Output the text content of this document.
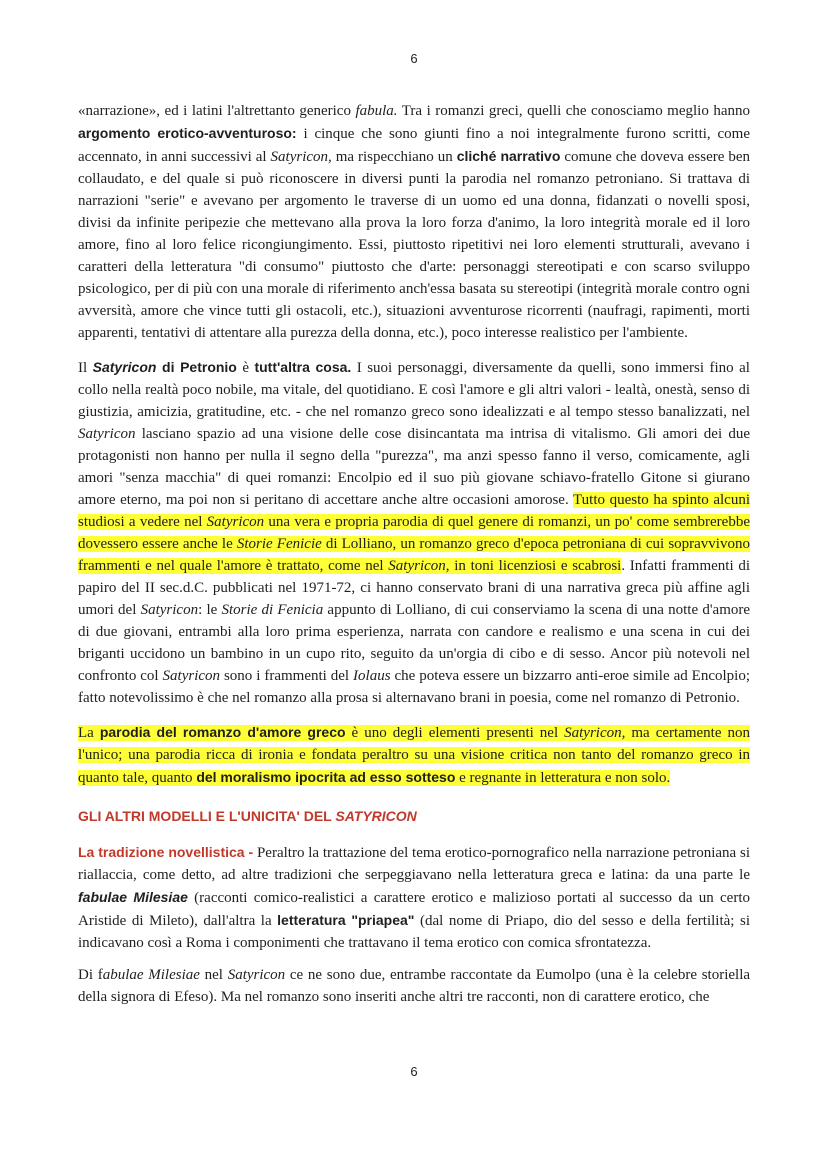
6

«narrazione», ed i latini l'altrettanto generico fabula. Tra i romanzi greci, quelli che conosciamo meglio hanno argomento erotico-avventuroso: i cinque che sono giunti fino a noi integralmente furono scritti, come accennato, in anni successivi al Satyricon, ma rispecchiano un cliché narrativo comune che doveva essere ben collaudato, e del quale si può riconoscere in diversi punti la parodia nel romanzo petroniano. Si trattava di narrazioni "serie" e avevano per argomento le traverse di un uomo ed una donna, fidanzati o novelli sposi, divisi da infinite peripezie che mettevano alla prova la loro forza d'animo, la loro integrità morale ed il loro amore, fino al loro felice ricongiungimento. Essi, piuttosto ripetitivi nei loro elementi strutturali, avevano i caratteri della letteratura "di consumo" piuttosto che d'arte: personaggi stereotipati e con scarso sviluppo psicologico, per di più con una morale di riferimento anch'essa basata su stereotipi (integrità morale contro ogni avversità, amore che vince tutti gli ostacoli, etc.), situazioni avventurose ricorrenti (naufragi, rapimenti, morti apparenti, tentativi di attentare alla purezza della donna, etc.), poco interesse realistico per l'ambiente.

Il Satyricon di Petronio è tutt'altra cosa. I suoi personaggi, diversamente da quelli, sono immersi fino al collo nella realtà poco nobile, ma vitale, del quotidiano. E così l'amore e gli altri valori - lealtà, onestà, senso di giustizia, amicizia, gratitudine, etc. - che nel romanzo greco sono idealizzati e al tempo stesso banalizzati, nel Satyricon lasciano spazio ad una visione delle cose disincantata ma intrisa di vitalismo. Gli amori dei due protagonisti non hanno per nulla il segno della "purezza", ma anzi spesso fanno il verso, comicamente, agli amori "senza macchia" di quei romanzi: Encolpio ed il suo più giovane schiavo-fratello Gitone si giurano amore eterno, ma poi non si peritano di accettare anche altre occasioni amorose. Tutto questo ha spinto alcuni studiosi a vedere nel Satyricon una vera e propria parodia di quel genere di romanzi, un po' come sembrerebbe dovessero essere anche le Storie Fenicie di Lolliano, un romanzo greco d'epoca petroniana di cui sopravvivono frammenti e nel quale l'amore è trattato, come nel Satyricon, in toni licenziosi e scabrosi. Infatti frammenti di papiro del II sec.d.C. pubblicati nel 1971-72, ci hanno conservato brani di una narrativa greca più affine agli umori del Satyricon: le Storie di Fenicia appunto di Lolliano, di cui conserviamo la scena di una notte d'amore di due giovani, entrambi alla loro prima esperienza, narrata con candore e realismo e una scena in cui dei briganti uccidono un bambino in un cupo rito, seguito da un'orgia di cibo e di sesso. Ancor più notevoli nel confronto col Satyricon sono i frammenti del Iolaus che poteva essere un bizzarro anti-eroe simile ad Encolpio; fatto notevolissimo è che nel romanzo alla prosa si alternavano brani in poesia, come nel romanzo di Petronio.

La parodia del romanzo d'amore greco è uno degli elementi presenti nel Satyricon, ma certamente non l'unico; una parodia ricca di ironia e fondata peraltro su una visione critica non tanto del romanzo greco in quanto tale, quanto del moralismo ipocrita ad esso sotteso e regnante in letteratura e non solo.

GLI ALTRI MODELLI E L'UNICITA' DEL SATYRICON

La tradizione novellistica - Peraltro la trattazione del tema erotico-pornografico nella narrazione petroniana si riallaccia, come detto, ad altre tradizioni che serpeggiavano nella letteratura greca e latina: da una parte le fabulae Milesiae (racconti comico-realistici a carattere erotico e malizioso portati al successo da un certo Aristide di Mileto), dall'altra la letteratura "priapea" (dal nome di Priapo, dio del sesso e della fertilità; si indicavano così a Roma i componimenti che trattavano il tema erotico con comica sfrontatezza.

Di fabulae Milesiae nel Satyricon ce ne sono due, entrambe raccontate da Eumolpo (una è la celebre storiella della signora di Efeso). Ma nel romanzo sono inseriti anche altri tre racconti, non di carattere erotico, che

6
